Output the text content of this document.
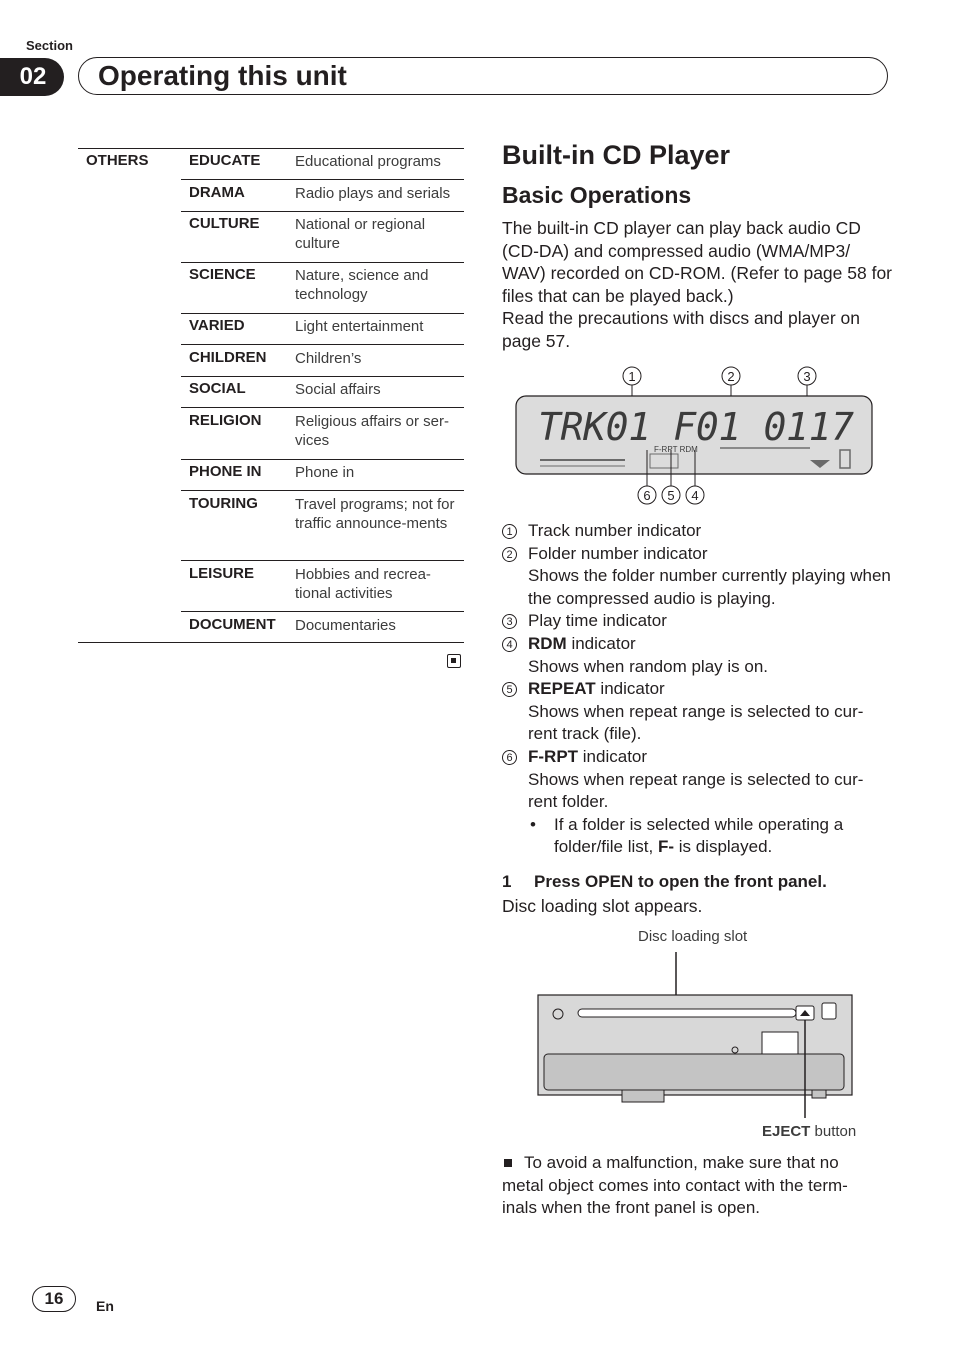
Section
02	Operating this unit
OTHERS	EDUCATE Educational programs
DRAMA	Radio plays and serials
CULTURE National or regional culture
SCIENCE	Nature, science and technology
VARIED	Light entertainment
CHILDREN Children’s
SOCIAL	Social affairs
RELIGION Religious affairs or ser-vices
PHONE IN Phone in
TOURING Travel programs; not for traffic announce-ments
LEISURE	Hobbies and recrea-tional activities
DOCUMENT Documentaries
Built-in CD Player
Basic Operations
The built-in CD player can play back audio CD (CD-DA) and compressed audio (WMA/MP3/ WAV) recorded on CD-ROM. (Refer to page 58 for files that can be played back.)
Read the precautions with discs and player on page 57.
1	2	3
TRK01 F01 0117
F-RPT RDM
6 5 4
1 Track number indicator
2 Folder number indicator
Shows the folder number currently playing when the compressed audio is playing.
3 Play time indicator
4 RDM indicator
Shows when random play is on.
5 REPEAT indicator
Shows when repeat range is selected to cur-rent track (file).
6 F-RPT indicator
Shows when repeat range is selected to cur-rent folder.
• If a folder is selected while operating a folder/file list, F- is displayed.
1 Press OPEN to open the front panel.
Disc loading slot appears.
Disc loading slot
EJECT button
To avoid a malfunction, make sure that no metal object comes into contact with the term-inals when the front panel is open.
16	En
